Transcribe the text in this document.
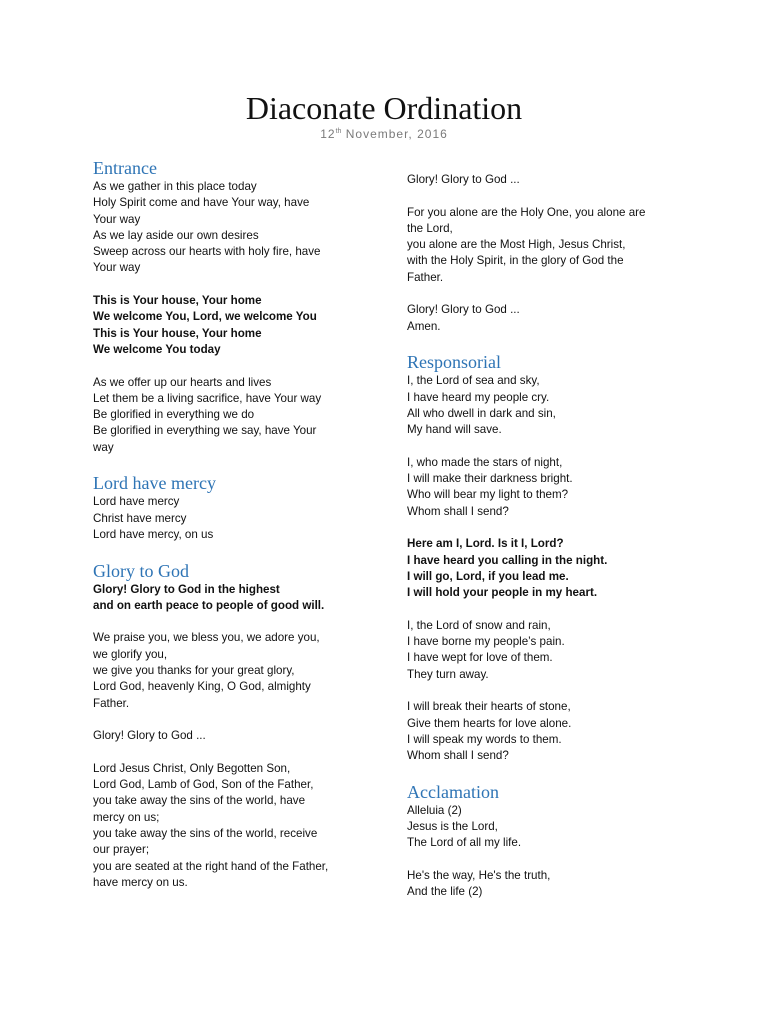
Diaconate Ordination
12th November, 2016
Entrance
As we gather in this place today
Holy Spirit come and have Your way, have
Your way
As we lay aside our own desires
Sweep across our hearts with holy fire, have
Your way
This is Your house, Your home
We welcome You, Lord, we welcome You
This is Your house, Your home
We welcome You today
As we offer up our hearts and lives
Let them be a living sacrifice, have Your way
Be glorified in everything we do
Be glorified in everything we say, have Your
way
Lord have mercy
Lord have mercy
Christ have mercy
Lord have mercy, on us
Glory to God
Glory! Glory to God in the highest
and on earth peace to people of good will.
We praise you, we bless you, we adore you,
we glorify you,
we give you thanks for your great glory,
Lord God, heavenly King, O God, almighty
Father.
Glory! Glory to God ...
Lord Jesus Christ, Only Begotten Son,
Lord God, Lamb of God, Son of the Father,
you take away the sins of the world, have
mercy on us;
you take away the sins of the world, receive
our prayer;
you are seated at the right hand of the Father,
have mercy on us.
Glory! Glory to God ...
For you alone are the Holy One, you alone are
the Lord,
you alone are the Most High, Jesus Christ,
with the Holy Spirit, in the glory of God the
Father.
Glory! Glory to God ...
Amen.
Responsorial
I, the Lord of sea and sky,
I have heard my people cry.
All who dwell in dark and sin,
My hand will save.
I, who made the stars of night,
I will make their darkness bright.
Who will bear my light to them?
Whom shall I send?
Here am I, Lord. Is it I, Lord?
I have heard you calling in the night.
I will go, Lord, if you lead me.
I will hold your people in my heart.
I, the Lord of snow and rain,
I have borne my people’s pain.
I have wept for love of them.
They turn away.
I will break their hearts of stone,
Give them hearts for love alone.
I will speak my words to them.
Whom shall I send?
Acclamation
Alleluia (2)
Jesus is the Lord,
The Lord of all my life.
He's the way, He's the truth,
And the life (2)
